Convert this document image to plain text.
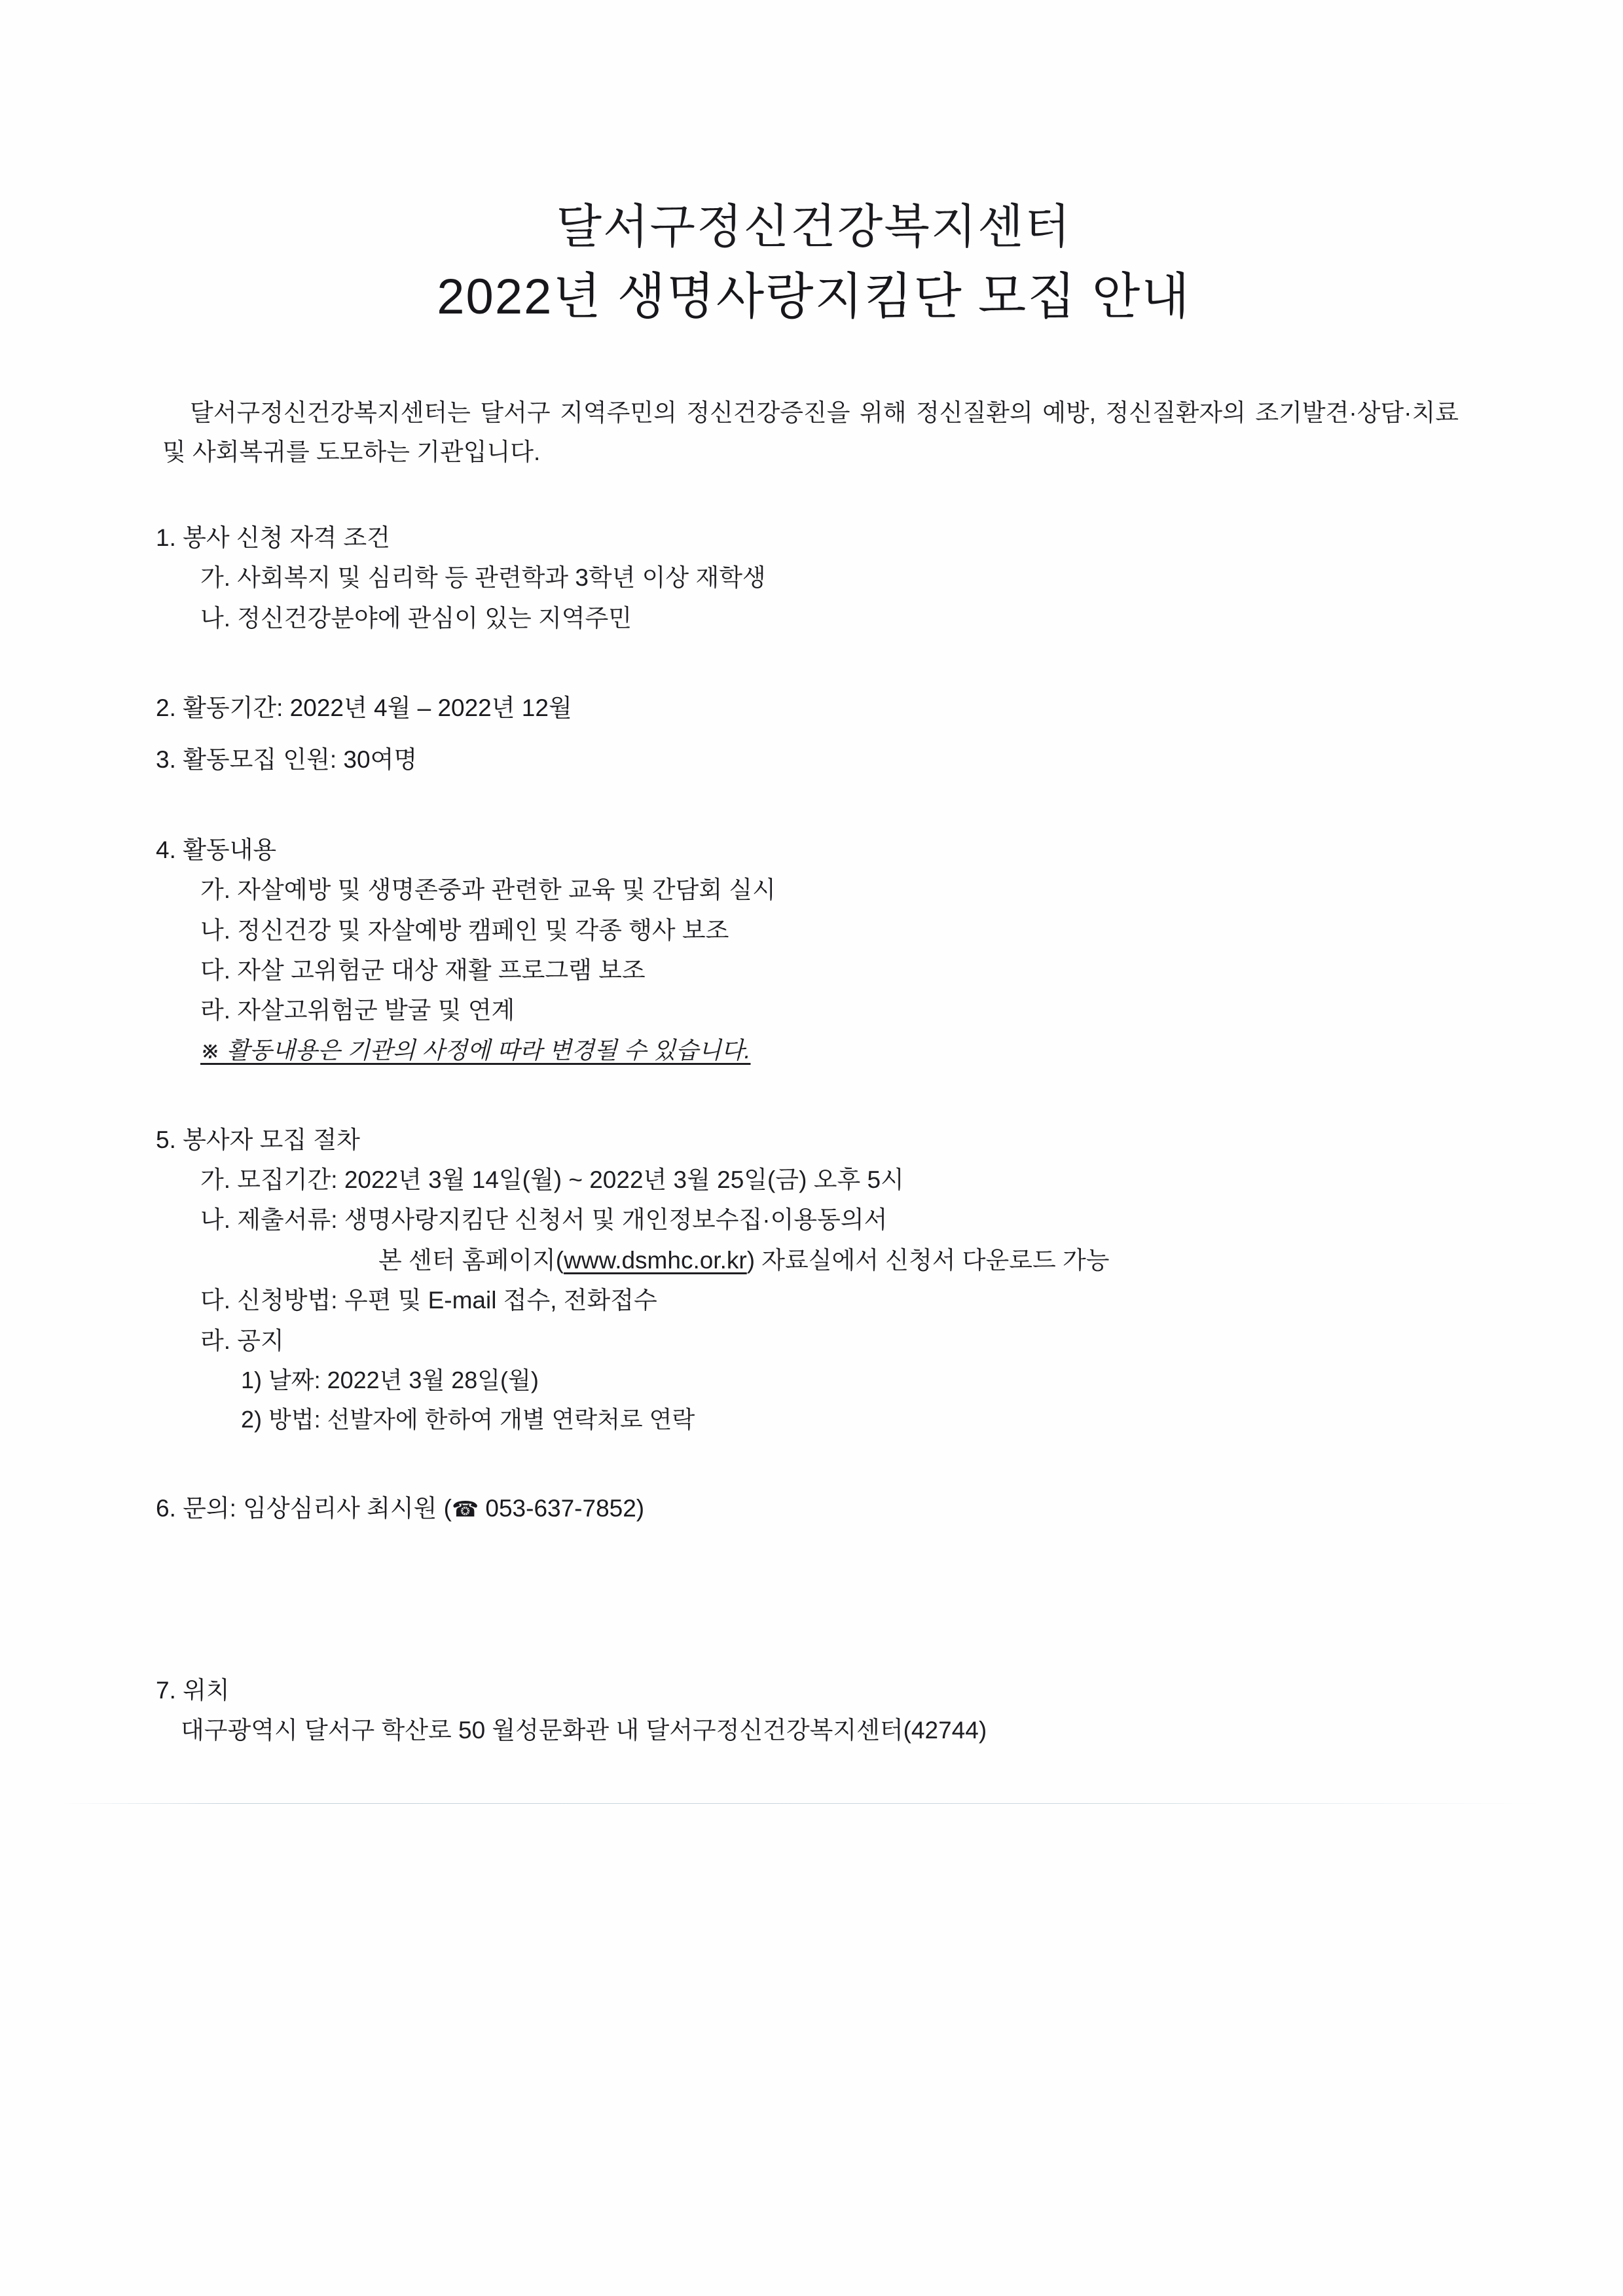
달서구정신건강복지센터
2022년 생명사랑지킴단 모집 안내

달서구정신건강복지센터는 달서구 지역주민의 정신건강증진을 위해 정신질환의 예방, 정신질환자의 조기발견·상담·치료 및 사회복귀를 도모하는 기관입니다.

1. 봉사 신청 자격 조건
가. 사회복지 및 심리학 등 관련학과 3학년 이상 재학생
나. 정신건강분야에 관심이 있는 지역주민
2. 활동기간: 2022년 4월 – 2022년 12월
3. 활동모집 인원: 30여명
4. 활동내용
가. 자살예방 및 생명존중과 관련한 교육 및 간담회 실시
나. 정신건강 및 자살예방 캠페인 및 각종 행사 보조
다. 자살 고위험군 대상 재활 프로그램 보조
라. 자살고위험군 발굴 및 연계
※ 활동내용은 기관의 사정에 따라 변경될 수 있습니다.
5. 봉사자 모집 절차
가. 모집기간: 2022년 3월 14일(월) ~ 2022년 3월 25일(금) 오후 5시
나. 제출서류: 생명사랑지킴단 신청서 및 개인정보수집·이용동의서
본 센터 홈페이지(www.dsmhc.or.kr) 자료실에서 신청서 다운로드 가능
다. 신청방법: 우편 및 E-mail 접수, 전화접수
라. 공지
1) 날짜: 2022년 3월 28일(월)
2) 방법: 선발자에 한하여 개별 연락처로 연락
6. 문의: 임상심리사 최시원 (☎ 053-637-7852)
7. 위치
대구광역시 달서구 학산로 50 월성문화관 내 달서구정신건강복지센터(42744)
